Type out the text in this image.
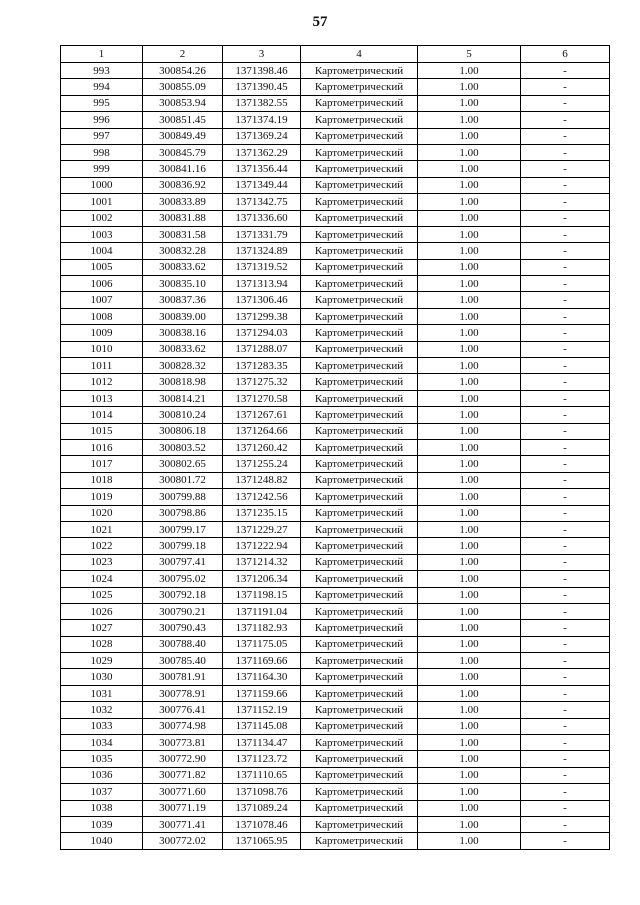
57
1	2	3	4	5	6
993	300854.26	1371398.46	Картометрический	1.00	-
994	300855.09	1371390.45	Картометрический	1.00	-
995	300853.94	1371382.55	Картометрический	1.00	-
996	300851.45	1371374.19	Картометрический	1.00	-
997	300849.49	1371369.24	Картометрический	1.00	-
998	300845.79	1371362.29	Картометрический	1.00	-
999	300841.16	1371356.44	Картометрический	1.00	-
1000	300836.92	1371349.44	Картометрический	1.00	-
1001	300833.89	1371342.75	Картометрический	1.00	-
1002	300831.88	1371336.60	Картометрический	1.00	-
1003	300831.58	1371331.79	Картометрический	1.00	-
1004	300832.28	1371324.89	Картометрический	1.00	-
1005	300833.62	1371319.52	Картометрический	1.00	-
1006	300835.10	1371313.94	Картометрический	1.00	-
1007	300837.36	1371306.46	Картометрический	1.00	-
1008	300839.00	1371299.38	Картометрический	1.00	-
1009	300838.16	1371294.03	Картометрический	1.00	-
1010	300833.62	1371288.07	Картометрический	1.00	-
1011	300828.32	1371283.35	Картометрический	1.00	-
1012	300818.98	1371275.32	Картометрический	1.00	-
1013	300814.21	1371270.58	Картометрический	1.00	-
1014	300810.24	1371267.61	Картометрический	1.00	-
1015	300806.18	1371264.66	Картометрический	1.00	-
1016	300803.52	1371260.42	Картометрический	1.00	-
1017	300802.65	1371255.24	Картометрический	1.00	-
1018	300801.72	1371248.82	Картометрический	1.00	-
1019	300799.88	1371242.56	Картометрический	1.00	-
1020	300798.86	1371235.15	Картометрический	1.00	-
1021	300799.17	1371229.27	Картометрический	1.00	-
1022	300799.18	1371222.94	Картометрический	1.00	-
1023	300797.41	1371214.32	Картометрический	1.00	-
1024	300795.02	1371206.34	Картометрический	1.00	-
1025	300792.18	1371198.15	Картометрический	1.00	-
1026	300790.21	1371191.04	Картометрический	1.00	-
1027	300790.43	1371182.93	Картометрический	1.00	-
1028	300788.40	1371175.05	Картометрический	1.00	-
1029	300785.40	1371169.66	Картометрический	1.00	-
1030	300781.91	1371164.30	Картометрический	1.00	-
1031	300778.91	1371159.66	Картометрический	1.00	-
1032	300776.41	1371152.19	Картометрический	1.00	-
1033	300774.98	1371145.08	Картометрический	1.00	-
1034	300773.81	1371134.47	Картометрический	1.00	-
1035	300772.90	1371123.72	Картометрический	1.00	-
1036	300771.82	1371110.65	Картометрический	1.00	-
1037	300771.60	1371098.76	Картометрический	1.00	-
1038	300771.19	1371089.24	Картометрический	1.00	-
1039	300771.41	1371078.46	Картометрический	1.00	-
1040	300772.02	1371065.95	Картометрический	1.00	-
